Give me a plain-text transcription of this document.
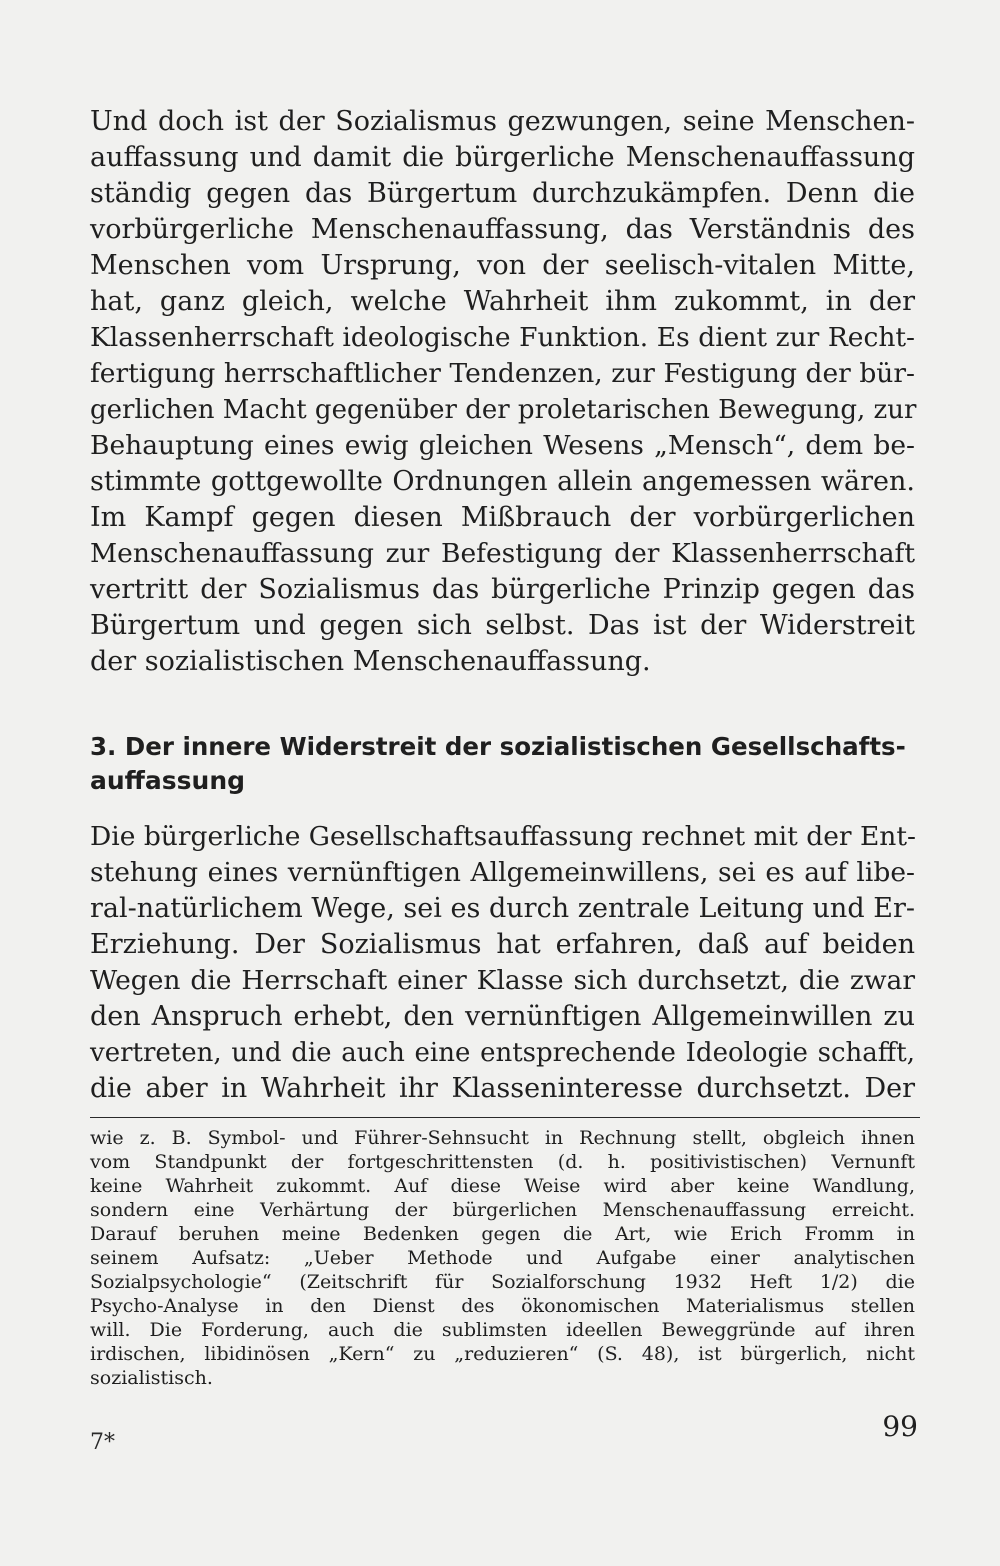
Und doch ist der Sozialismus gezwungen, seine Menschen-
auffassung und damit die bürgerliche Menschenauffassung
ständig gegen das Bürgertum durchzukämpfen. Denn die
vorbürgerliche Menschenauffassung, das Verständnis des
Menschen vom Ursprung, von der seelisch-vitalen Mitte,
hat, ganz gleich, welche Wahrheit ihm zukommt, in der
Klassenherrschaft ideologische Funktion. Es dient zur Recht-
fertigung herrschaftlicher Tendenzen, zur Festigung der bür-
gerlichen Macht gegenüber der proletarischen Bewegung, zur
Behauptung eines ewig gleichen Wesens „Mensch“, dem be-
stimmte gottgewollte Ordnungen allein angemessen wären.
Im Kampf gegen diesen Mißbrauch der vorbürgerlichen
Menschenauffassung zur Befestigung der Klassenherrschaft
vertritt der Sozialismus das bürgerliche Prinzip gegen das
Bürgertum und gegen sich selbst. Das ist der Widerstreit
der sozialistischen Menschenauffassung.
3. Der innere Widerstreit der sozialistischen Gesellschafts-
auffassung
Die bürgerliche Gesellschaftsauffassung rechnet mit der Ent-
stehung eines vernünftigen Allgemeinwillens, sei es auf libe-
ral-natürlichem Wege, sei es durch zentrale Leitung und Er-
Erziehung. Der Sozialismus hat erfahren, daß auf beiden
Wegen die Herrschaft einer Klasse sich durchsetzt, die zwar
den Anspruch erhebt, den vernünftigen Allgemeinwillen zu
vertreten, und die auch eine entsprechende Ideologie schafft,
die aber in Wahrheit ihr Klasseninteresse durchsetzt. Der
wie z. B. Symbol- und Führer-Sehnsucht in Rechnung stellt, obgleich ihnen
vom Standpunkt der fortgeschrittensten (d. h. positivistischen) Vernunft
keine Wahrheit zukommt. Auf diese Weise wird aber keine Wandlung,
sondern eine Verhärtung der bürgerlichen Menschenauffassung erreicht.
Darauf beruhen meine Bedenken gegen die Art, wie Erich Fromm in
seinem Aufsatz: „Ueber Methode und Aufgabe einer analytischen
Sozialpsychologie“ (Zeitschrift für Sozialforschung 1932 Heft 1/2) die
Psycho-Analyse in den Dienst des ökonomischen Materialismus stellen
will. Die Forderung, auch die sublimsten ideellen Beweggründe auf ihren
irdischen, libidinösen „Kern“ zu „reduzieren“ (S. 48), ist bürgerlich, nicht
sozialistisch.
7*	99
